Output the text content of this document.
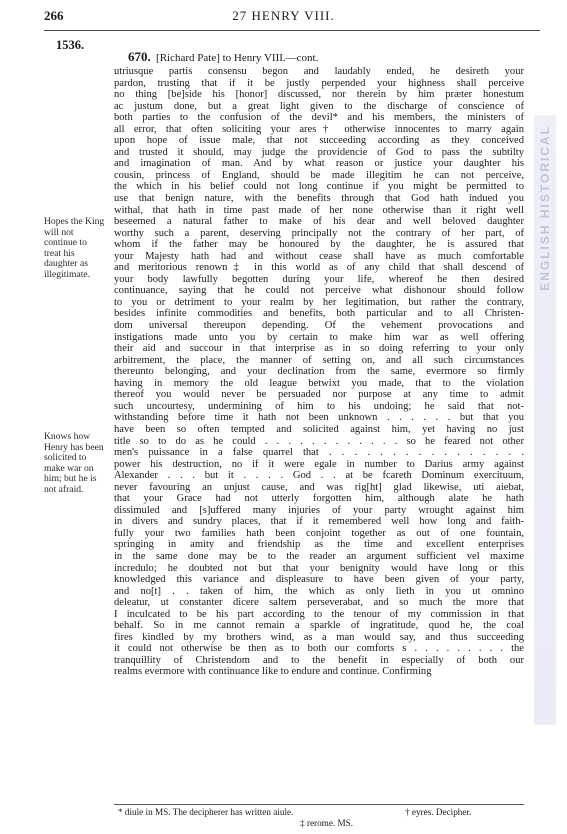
266	27 HENRY VIII.
1536.
ENGLISH HISTORICAL
Hopes the King will not continue to treat his daughter as illegitimate.
Knows how Henry has been solicited to make war on him; but he is not afraid.
670. [Richard Pate] to Henry VIII.—cont.
utriusque partis consensu begon and laudably ended, he desireth your
pardon, trusting that if it be justly perpended your highness shall perceive
no thing [be]side his [honor] discussed, nor therein by him præter honestum
ac justum done, but a great light given to the discharge of conscience of
both parties to the confusion of the devil* and his members, the ministers of
all error, that often soliciting your ares† otherwise innocentes to marry again
upon hope of issue male, that not succeeding according as they conceived
and trusted it should, may judge the providencie of God to pass the subtilty
and imagination of man. And by what reason or justice your daughter his
cousin, princess of England, should be made illegitim he can not perceive,
the which in his belief could not long continue if you might be permitted to
use that benign nature, with the benefits through that God hath indued you
withal, that hath in time past made of her none otherwise than it right well
beseemed a natural father to make of his dear and well beloved daughter
worthy such a parent, deserving principally not the contrary of her part, of
whom if the father may be honoured by the daughter, he is assured that
your Majesty hath had and without cease shall have as much comfortable
and meritorious renown‡ in this world as of any child that shall descend of
your body lawfully begotten during your life, whereof he then desired
continuance, saying that he could not perceive what dishonour should follow
to you or detriment to your realm by her legitimation, but rather the contrary,
besides infinite commodities and benefits, both particular and to all Christen-
dom universal thereupon depending. Of the vehement provocations and
instigations made unto you by certain to make him war as well offering
their aid and succour in that interprise as in so doing referring to your only
arbitrement, the place, the manner of setting on, and all such circumstances
thereunto belonging, and your declination from the same, evermore so firmly
having in memory the old league betwixt you made, that to the violation
thereof you would never be persuaded nor purpose at any time to admit
such uncourtesy, undermining of him to his undoing; he said that not-
withstanding before time it hath not been unknown . . . . . . but that you
have been so often tempted and solicited against him, yet having no just
title so to do as he could . . . . . . . . . . . . so he feared not other
men's puissance in a false quarrel that . . . . . . . . . . . . . . . .
power his destruction, no if it were egale in number to Darius army against
Alexander . . . but it . . . . God . . at be fcareth Dominum exercituum,
never favouring an unjust cause, and was rig[ht] glad likewise, uti aiebat,
that your Grace had not utterly forgotten him, although alate he hath
dissimuled and [s]uffered many injuries of your party wrought against him
in divers and sundry places, that if it remembered well how long and faith-
fully your two families hath been conjoint together as out of one fountain,
springing in amity and friendship as the time and excellent enterprises
in the same done may be to the reader an argument sufficient vel maxime
incredulo; he doubted not but that your benignity would have long or this
knowledged this variance and displeasure to have been given of your party,
and no[t] . . taken of him, the which as only lieth in you ut omnino
deleatur, ut constanter dicere saltem perseverabat, and so much the more that
I inculcated to be his part according to the tenour of my commission in that
behalf. So in me cannot remain a sparkle of ingratitude, quod he, the coal
fires kindled by my brothers wind, as a man would say, and thus succeeding
it could not otherwise be then as to both our comforts s . . . . . . . . . the
tranquillity of Christendom and to the benefit in especially of both our
realms evermore with continuance like to endure and continue. Confirming
* diule in MS. The decipherer has written aiule.	† eyres. Decipher.
‡ rerome. MS.
